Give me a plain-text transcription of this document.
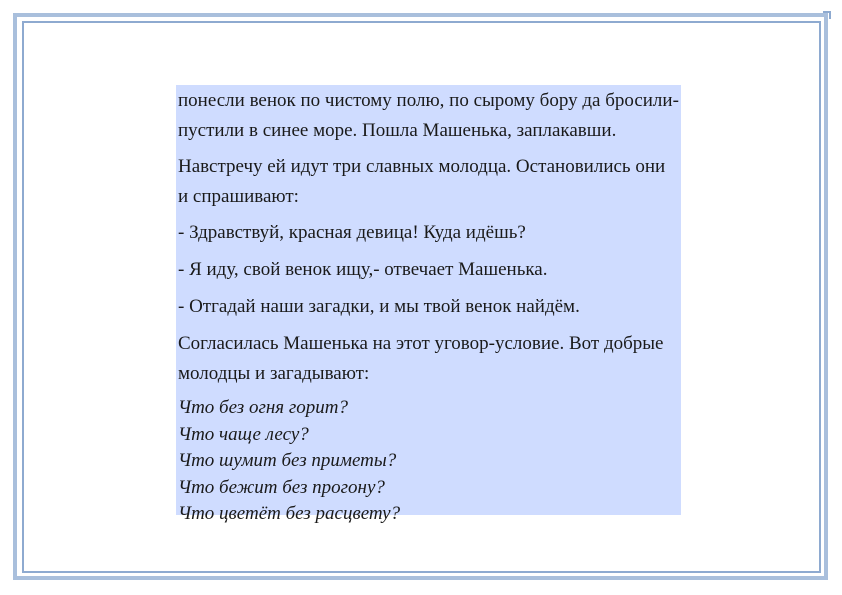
понесли венок по чистому полю, по сырому бору да бросили-пустили в синее море. Пошла Машенька, заплакавши.

Навстречу ей идут три славных молодца. Остановились они и спрашивают:

- Здравствуй, красная девица! Куда идёшь?

- Я иду, свой венок ищу,- отвечает Машенька.

- Отгадай наши загадки, и мы твой венок найдём.

Согласилась Машенька на этот уговор-условие. Вот добрые молодцы и загадывают:

Что без огня горит?
Что чаще лесу?
Что шумит без приметы?
Что бежит без прогону?
Что цветёт без расцвету?
